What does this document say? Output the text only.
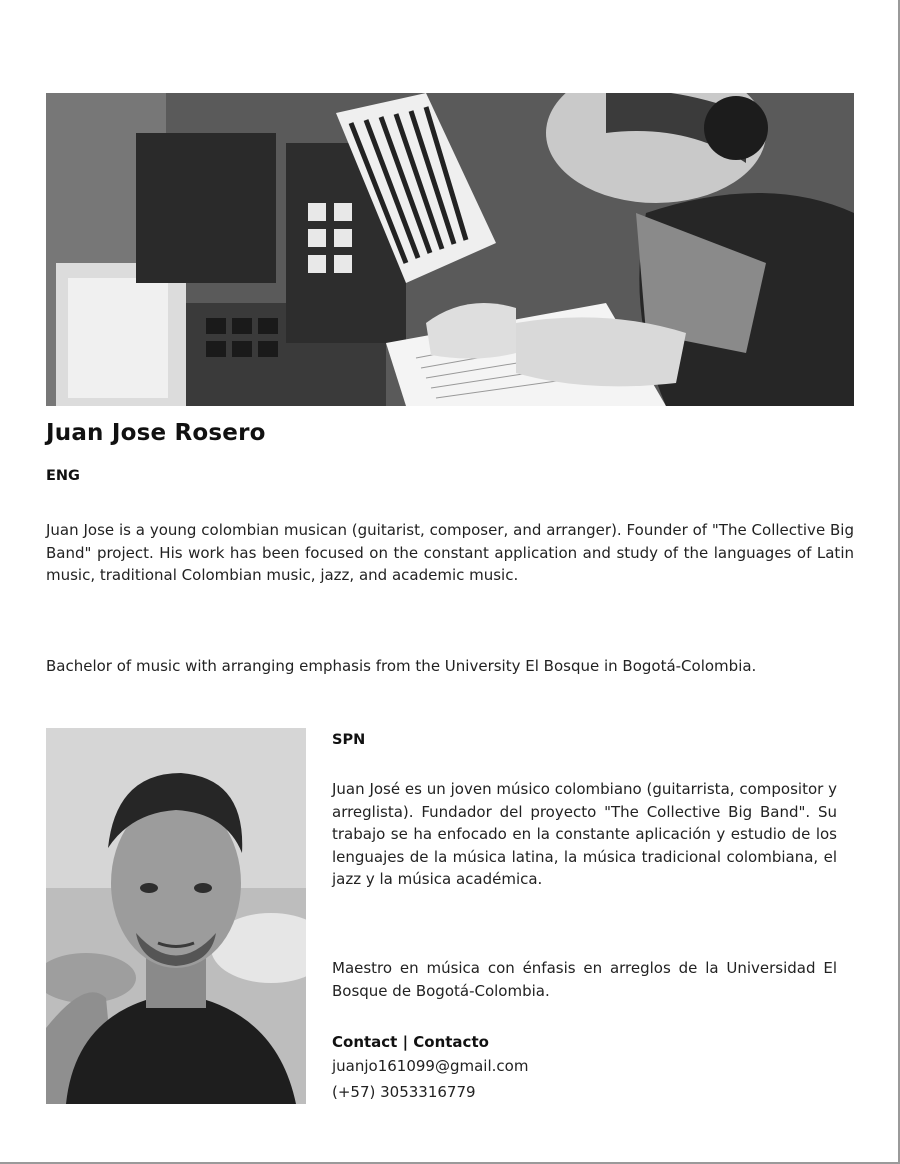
Juan Jose Rosero
ENG

Juan Jose is a young colombian musican (guitarist, composer, and arranger). Founder of "The Collective Big Band" project. His work has been focused on the constant application and study of the languages of Latin music, traditional Colombian music, jazz, and academic music.

Bachelor of music with arranging emphasis from the University El Bosque in Bogotá-Colombia.

SPN

Juan José es un joven músico colombiano (guitarrista, compositor y arreglista). Fundador del proyecto "The Collective Big Band". Su trabajo se ha enfocado en la constante aplicación y estudio de los lenguajes de la música latina, la música tradicional colombiana, el jazz y la música académica.

Maestro en música con énfasis en arreglos de la Universidad El Bosque de Bogotá-Colombia.

Contact | Contacto

juanjo161099@gmail.com

(+57) 3053316779
